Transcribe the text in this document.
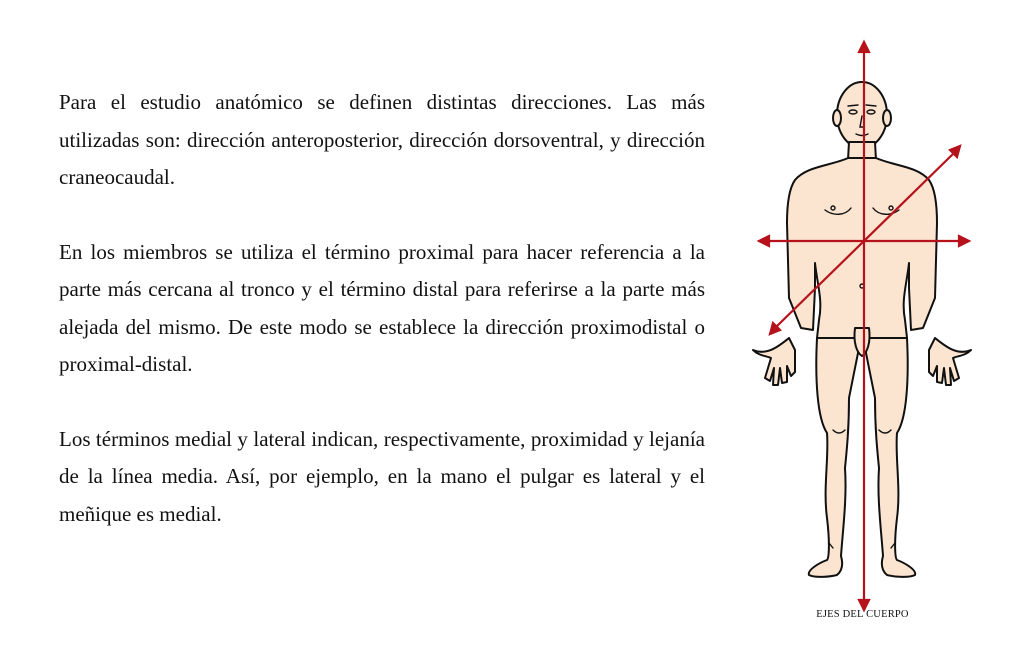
Para el estudio anatómico se definen distintas direcciones. Las más utilizadas son: dirección anteroposterior, dirección dorsoventral, y dirección craneocaudal.

En los miembros se utiliza el término proximal para hacer referencia a la parte más cercana al tronco y el término distal para referirse a la parte más alejada del mismo. De este modo se establece la dirección proximodistal o proximal-distal.

Los términos medial y lateral indican, respectivamente, proximidad y lejanía de la línea media. Así, por ejemplo, en la mano el pulgar es lateral y el meñique es medial.

EJES DEL CUERPO
